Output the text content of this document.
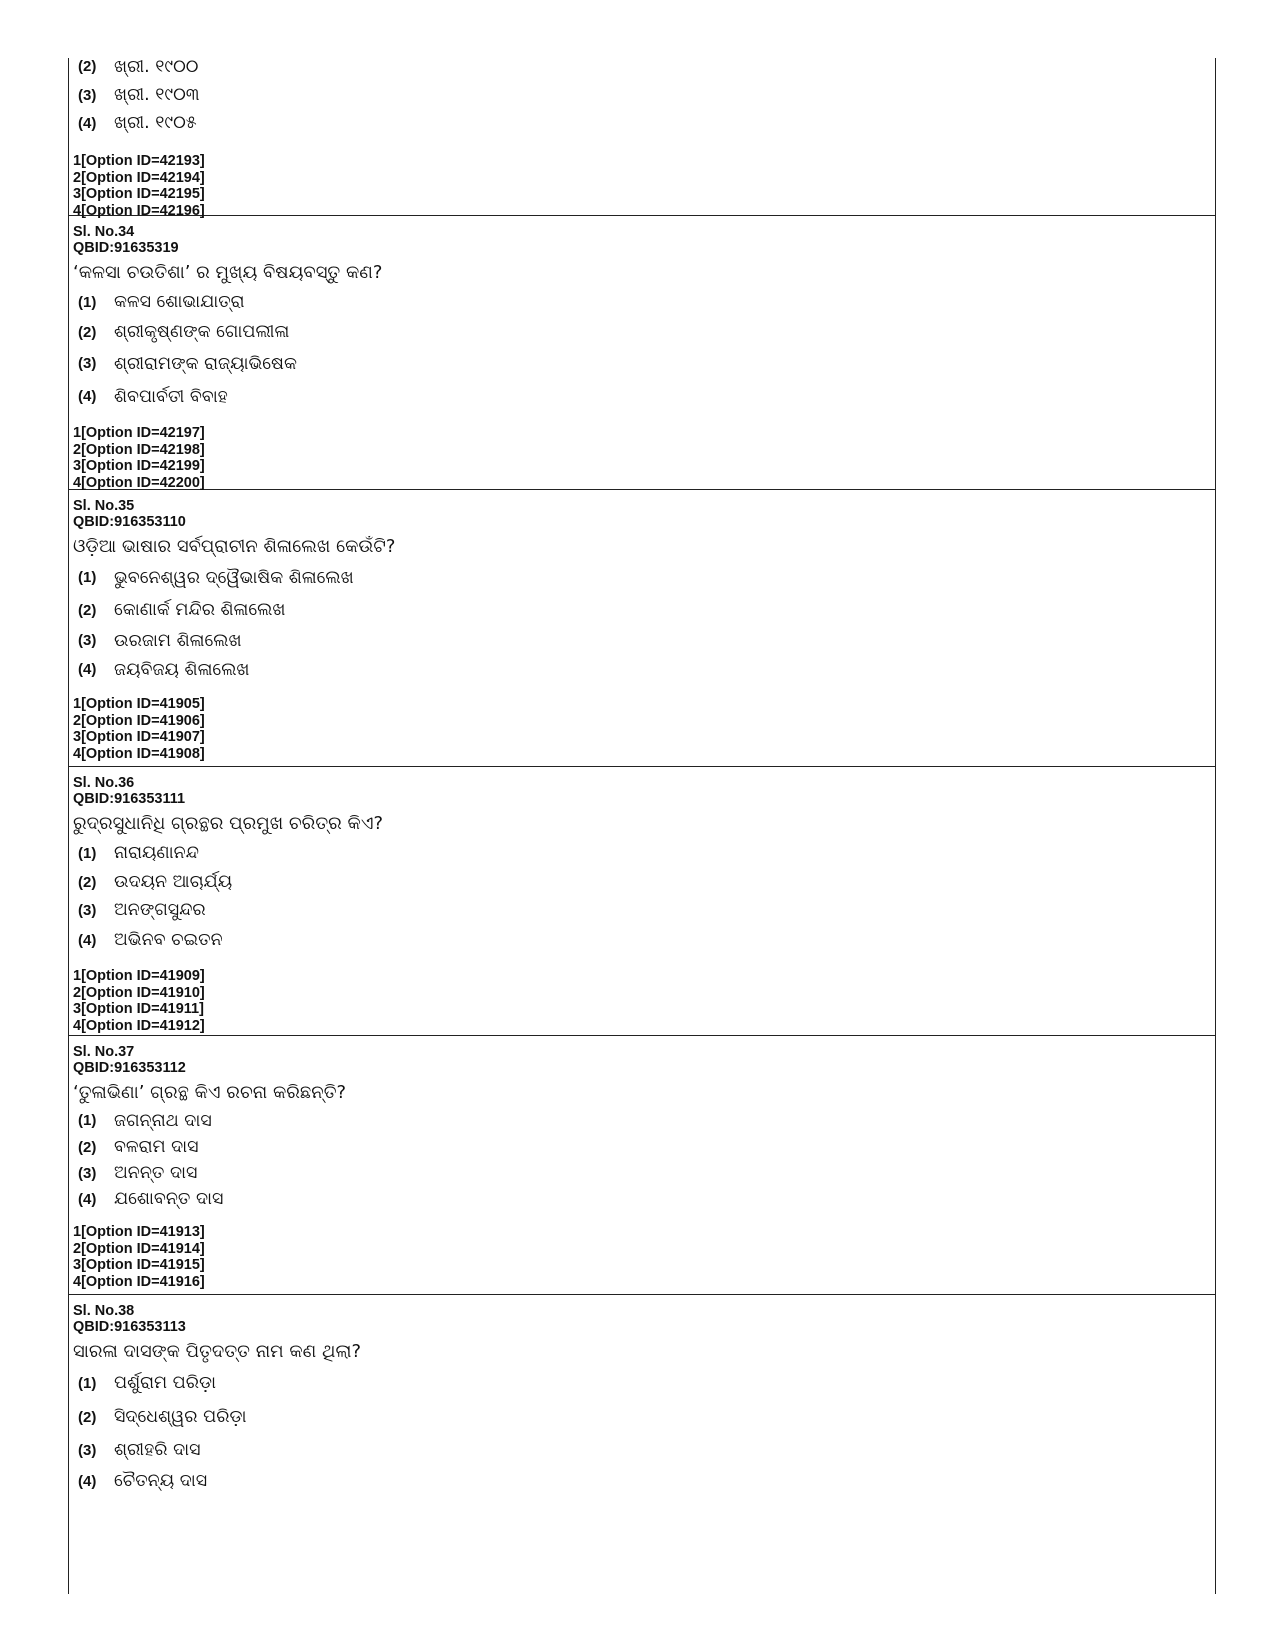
(2)	ଖ୍ରୀ. ୧୯୦୦
(3)	ଖ୍ରୀ. ୧୯୦୩
(4)	ଖ୍ରୀ. ୧୯୦୫
1[Option ID=42193]
2[Option ID=42194]
3[Option ID=42195]
4[Option ID=42196]
Sl. No.34
QBID:91635319
‘କଳସା ଚଉତିଶା’ ର ମୁଖ୍ୟ ବିଷୟବସ୍ତୁ କଣ?
(1)	କଳସ ଶୋଭାଯାତ୍ରା
(2)	ଶ୍ରୀକୃଷ୍ଣଙ୍କ ଗୋପଲୀଳା
(3)	ଶ୍ରୀରାମଙ୍କ ରାଜ୍ୟାଭିଷେକ
(4)	ଶିବପାର୍ବତୀ ବିବାହ
1[Option ID=42197]
2[Option ID=42198]
3[Option ID=42199]
4[Option ID=42200]
Sl. No.35
QBID:916353110
ଓଡ଼ିଆ ଭାଷାର ସର୍ବପ୍ରାଚୀନ ଶିଳାଲେଖ କେଉଁଟି?
(1)	ଭୁବନେଶ୍ୱର ଦ୍ୱୈଭାଷିକ ଶିଳାଲେଖ
(2)	କୋଣାର୍କ ମନ୍ଦିର ଶିଳାଲେଖ
(3)	ଉରଜାମ ଶିଳାଲେଖ
(4)	ଜୟବିଜୟ ଶିଳାଲେଖ
1[Option ID=41905]
2[Option ID=41906]
3[Option ID=41907]
4[Option ID=41908]
Sl. No.36
QBID:916353111
ରୁଦ୍ରସୁଧାନିଧି ଗ୍ରନ୍ଥର ପ୍ରମୁଖ ଚରିତ୍ର କିଏ?
(1)	ନାରାୟଣାନନ୍ଦ
(2)	ଉଦୟନ ଆଚାର୍ଯ୍ୟ
(3)	ଅନଙ୍ଗସୁନ୍ଦର
(4)	ଅଭିନବ ଚଇତନ
1[Option ID=41909]
2[Option ID=41910]
3[Option ID=41911]
4[Option ID=41912]
Sl. No.37
QBID:916353112
‘ତୁଳାଭିଣା’ ଗ୍ରନ୍ଥ କିଏ ରଚନା କରିଛନ୍ତି?
(1)	ଜଗନ୍ନାଥ ଦାସ
(2)	ବଳରାମ ଦାସ
(3)	ଅନନ୍ତ ଦାସ
(4)	ଯଶୋବନ୍ତ ଦାସ
1[Option ID=41913]
2[Option ID=41914]
3[Option ID=41915]
4[Option ID=41916]
Sl. No.38
QBID:916353113
ସାରଳା ଦାସଙ୍କ ପିତୃଦତ୍ତ ନାମ କଣ ଥିଲା?
(1)	ପର୍ଶୁରାମ ପରିଡ଼ା
(2)	ସିଦ୍ଧେଶ୍ୱର ପରିଡ଼ା
(3)	ଶ୍ରୀହରି ଦାସ
(4)	ଚୈତନ୍ୟ ଦାସ
